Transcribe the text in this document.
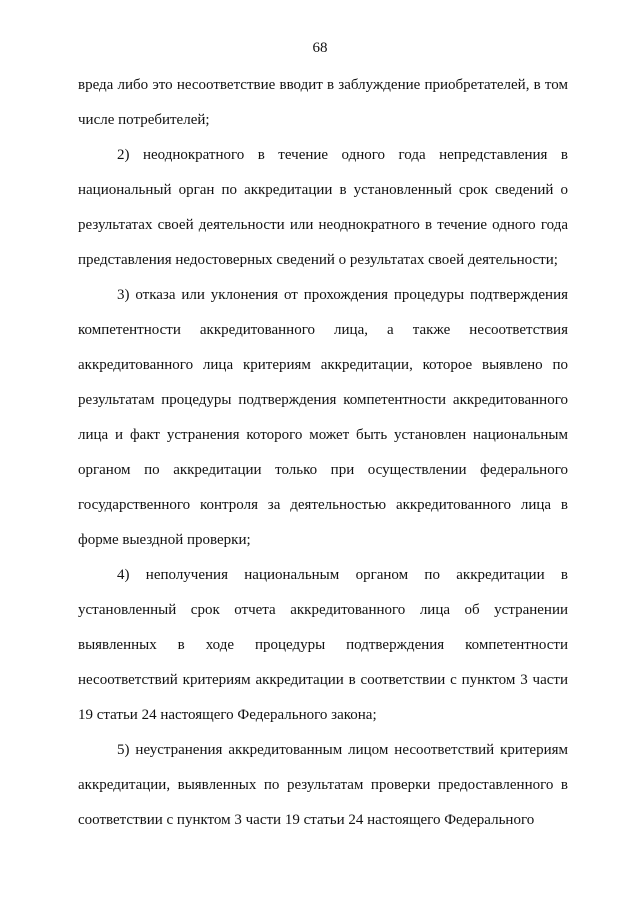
68

вреда либо это несоответствие вводит в заблуждение приобретателей, в том числе потребителей;

2) неоднократного в течение одного года непредставления в национальный орган по аккредитации в установленный срок сведений о результатах своей деятельности или неоднократного в течение одного года представления недостоверных сведений о результатах своей деятельности;

3) отказа или уклонения от прохождения процедуры подтверждения компетентности аккредитованного лица, а также несоответствия аккредитованного лица критериям аккредитации, которое выявлено по результатам процедуры подтверждения компетентности аккредитованного лица и факт устранения которого может быть установлен национальным органом по аккредитации только при осуществлении федерального государственного контроля за деятельностью аккредитованного лица в форме выездной проверки;

4) неполучения национальным органом по аккредитации в установленный срок отчета аккредитованного лица об устранении выявленных в ходе процедуры подтверждения компетентности несоответствий критериям аккредитации в соответствии с пунктом 3 части 19 статьи 24 настоящего Федерального закона;

5) неустранения аккредитованным лицом несоответствий критериям аккредитации, выявленных по результатам проверки предоставленного в соответствии с пунктом 3 части 19 статьи 24 настоящего Федерального
